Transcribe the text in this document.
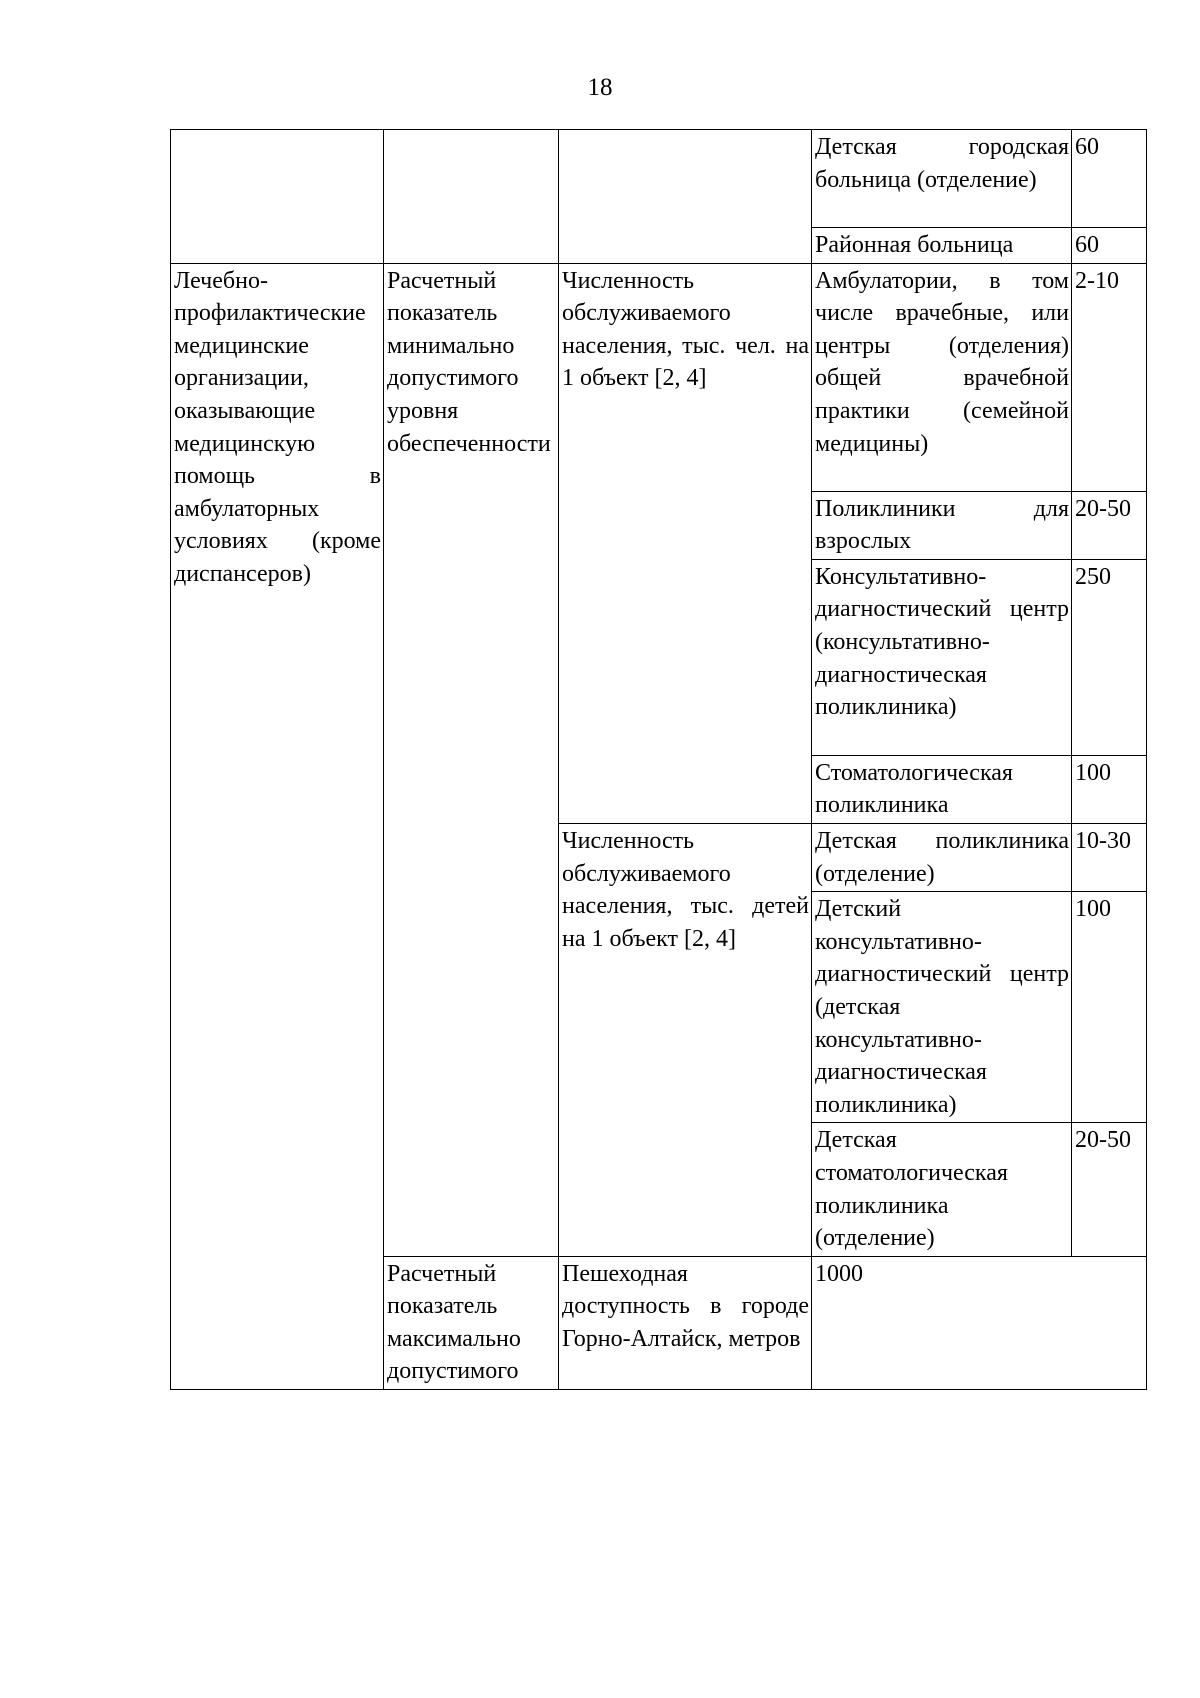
18
			Детская городская больница (отделение)	60
			Районная больница	60
Лечебно-профилактические медицинские организации, оказывающие медицинскую помощь в амбулаторных условиях (кроме диспансеров)	Расчетный показатель минимально допустимого уровня обеспеченности	Численность обслуживаемого населения, тыс. чел. на 1 объект [2, 4]	Амбулатории, в том числе врачебные, или центры (отделения) общей врачебной практики (семейной медицины)	2-10
			Поликлиники для взрослых	20-50
			Консультативно-диагностический центр (консультативно-диагностическая поликлиника)	250
			Стоматологическая поликлиника	100
		Численность обслуживаемого населения, тыс. детей на 1 объект [2, 4]	Детская поликлиника (отделение)	10-30
			Детский консультативно-диагностический центр (детская консультативно-диагностическая поликлиника)	100
			Детская стоматологическая поликлиника (отделение)	20-50
	Расчетный показатель максимально допустимого	Пешеходная доступность в городе Горно-Алтайск, метров	1000	
